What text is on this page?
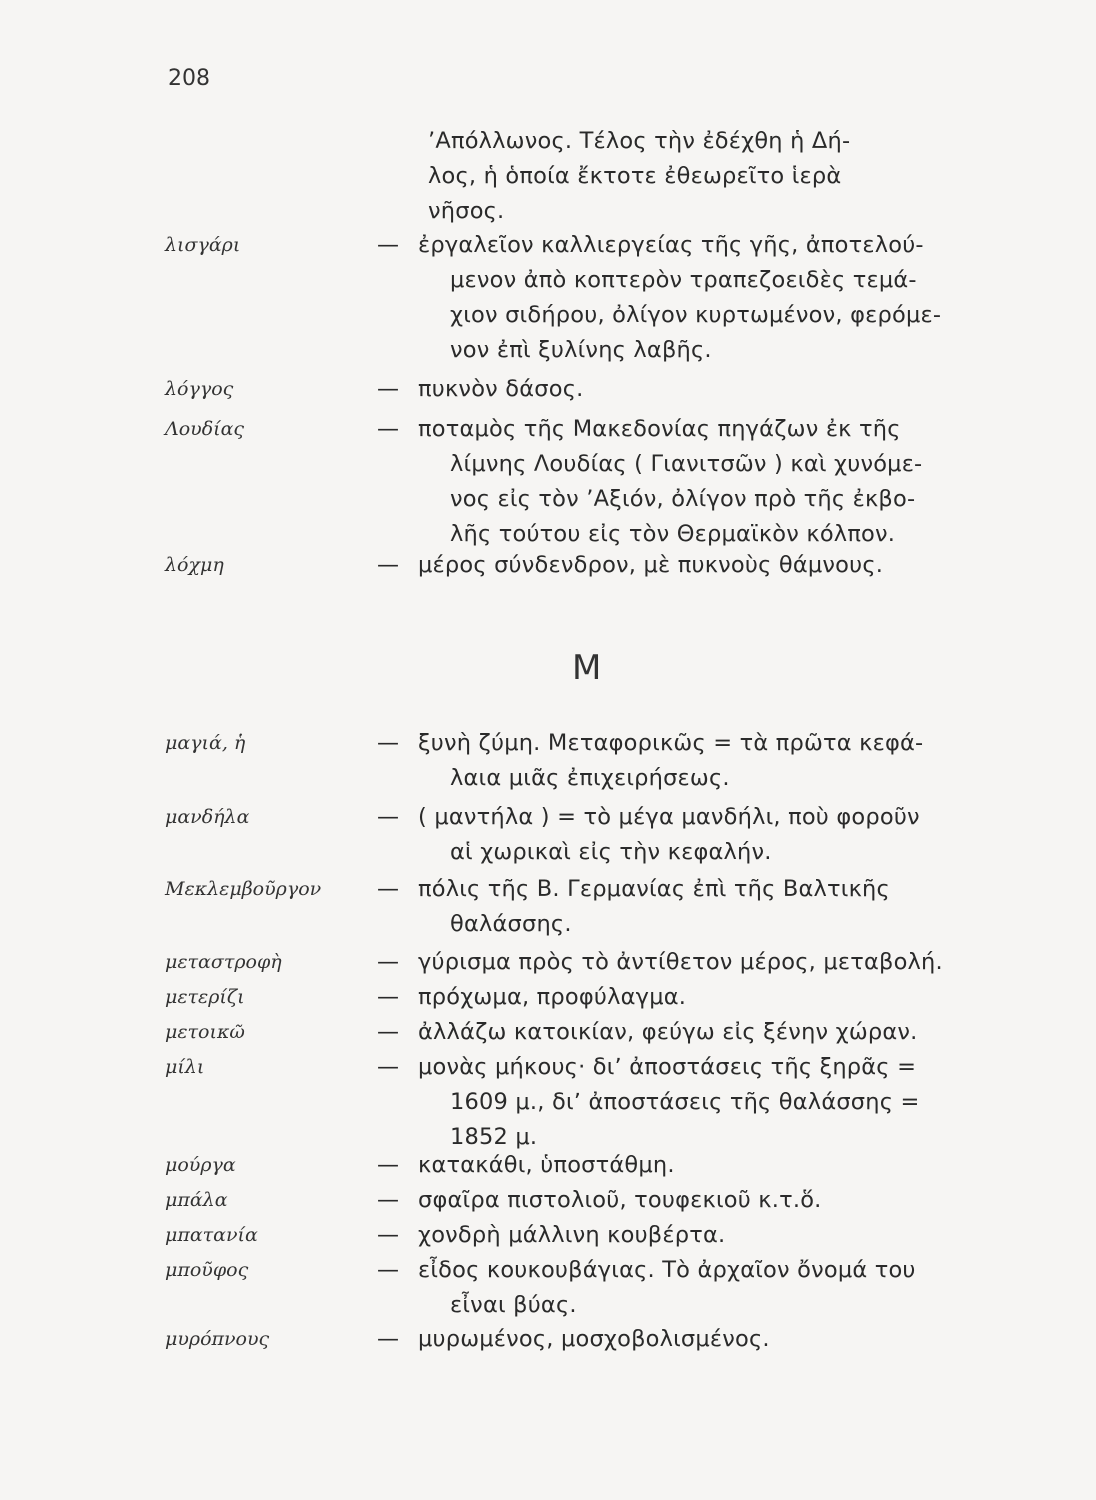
208
’Απόλλωνος. Τέλος τὴν ἐδέχθη ἡ Δή-
λος, ἡ ὁποία ἔκτοτε ἐθεωρεῖτο ἱερὰ
νῆσος.
λισγάρι	— ἐργαλεῖον καλλιεργείας τῆς γῆς, ἀποτελού-
μενον ἀπὸ κοπτερὸν τραπεζοειδὲς τεμά-
χιον σιδήρου, ὀλίγον κυρτωμένον, φερόμε-
νον ἐπὶ ξυλίνης λαβῆς.
λόγγος	— πυκνὸν δάσος.
Λουδίας	— ποταμὸς τῆς Μακεδονίας πηγάζων ἐκ τῆς
λίμνης Λουδίας ( Γιανιτσῶν ) καὶ χυνόμε-
νος εἰς τὸν ’Αξιόν, ὀλίγον πρὸ τῆς ἐκβο-
λῆς τούτου εἰς τὸν Θερμαϊκὸν κόλπον.
λόχμη	— μέρος σύνδενδρον, μὲ πυκνοὺς θάμνους.
Μ
μαγιά, ἡ	— ξυνὴ ζύμη. Μεταφορικῶς = τὰ πρῶτα κεφά-
λαια μιᾶς ἐπιχειρήσεως.
μανδήλα	— ( μαντήλα ) = τὸ μέγα μανδήλι, ποὺ φοροῦν
αἱ χωρικαὶ εἰς τὴν κεφαλήν.
Μεκλεμβοῦργον	— πόλις τῆς Β. Γερμανίας ἐπὶ τῆς Βαλτικῆς
θαλάσσης.
μεταστροφὴ	— γύρισμα πρὸς τὸ ἀντίθετον μέρος, μεταβολή.
μετερίζι	— πρόχωμα, προφύλαγμα.
μετοικῶ	— ἀλλάζω κατοικίαν, φεύγω εἰς ξένην χώραν.
μίλι	— μονὰς μήκους· διʼ ἀποστάσεις τῆς ξηρᾶς =
1609 μ., διʼ ἀποστάσεις τῆς θαλάσσης =
1852 μ.
μούργα	— κατακάθι, ὑποστάθμη.
μπάλα	— σφαῖρα πιστολιοῦ, τουφεκιοῦ κ.τ.ὅ.
μπατανία	— χονδρὴ μάλλινη κουβέρτα.
μποῦφος	— εἶδος κουκουβάγιας. Τὸ ἀρχαῖον ὄνομά του
εἶναι βύας.
μυρόπνους	— μυρωμένος, μοσχοβολισμένος.
